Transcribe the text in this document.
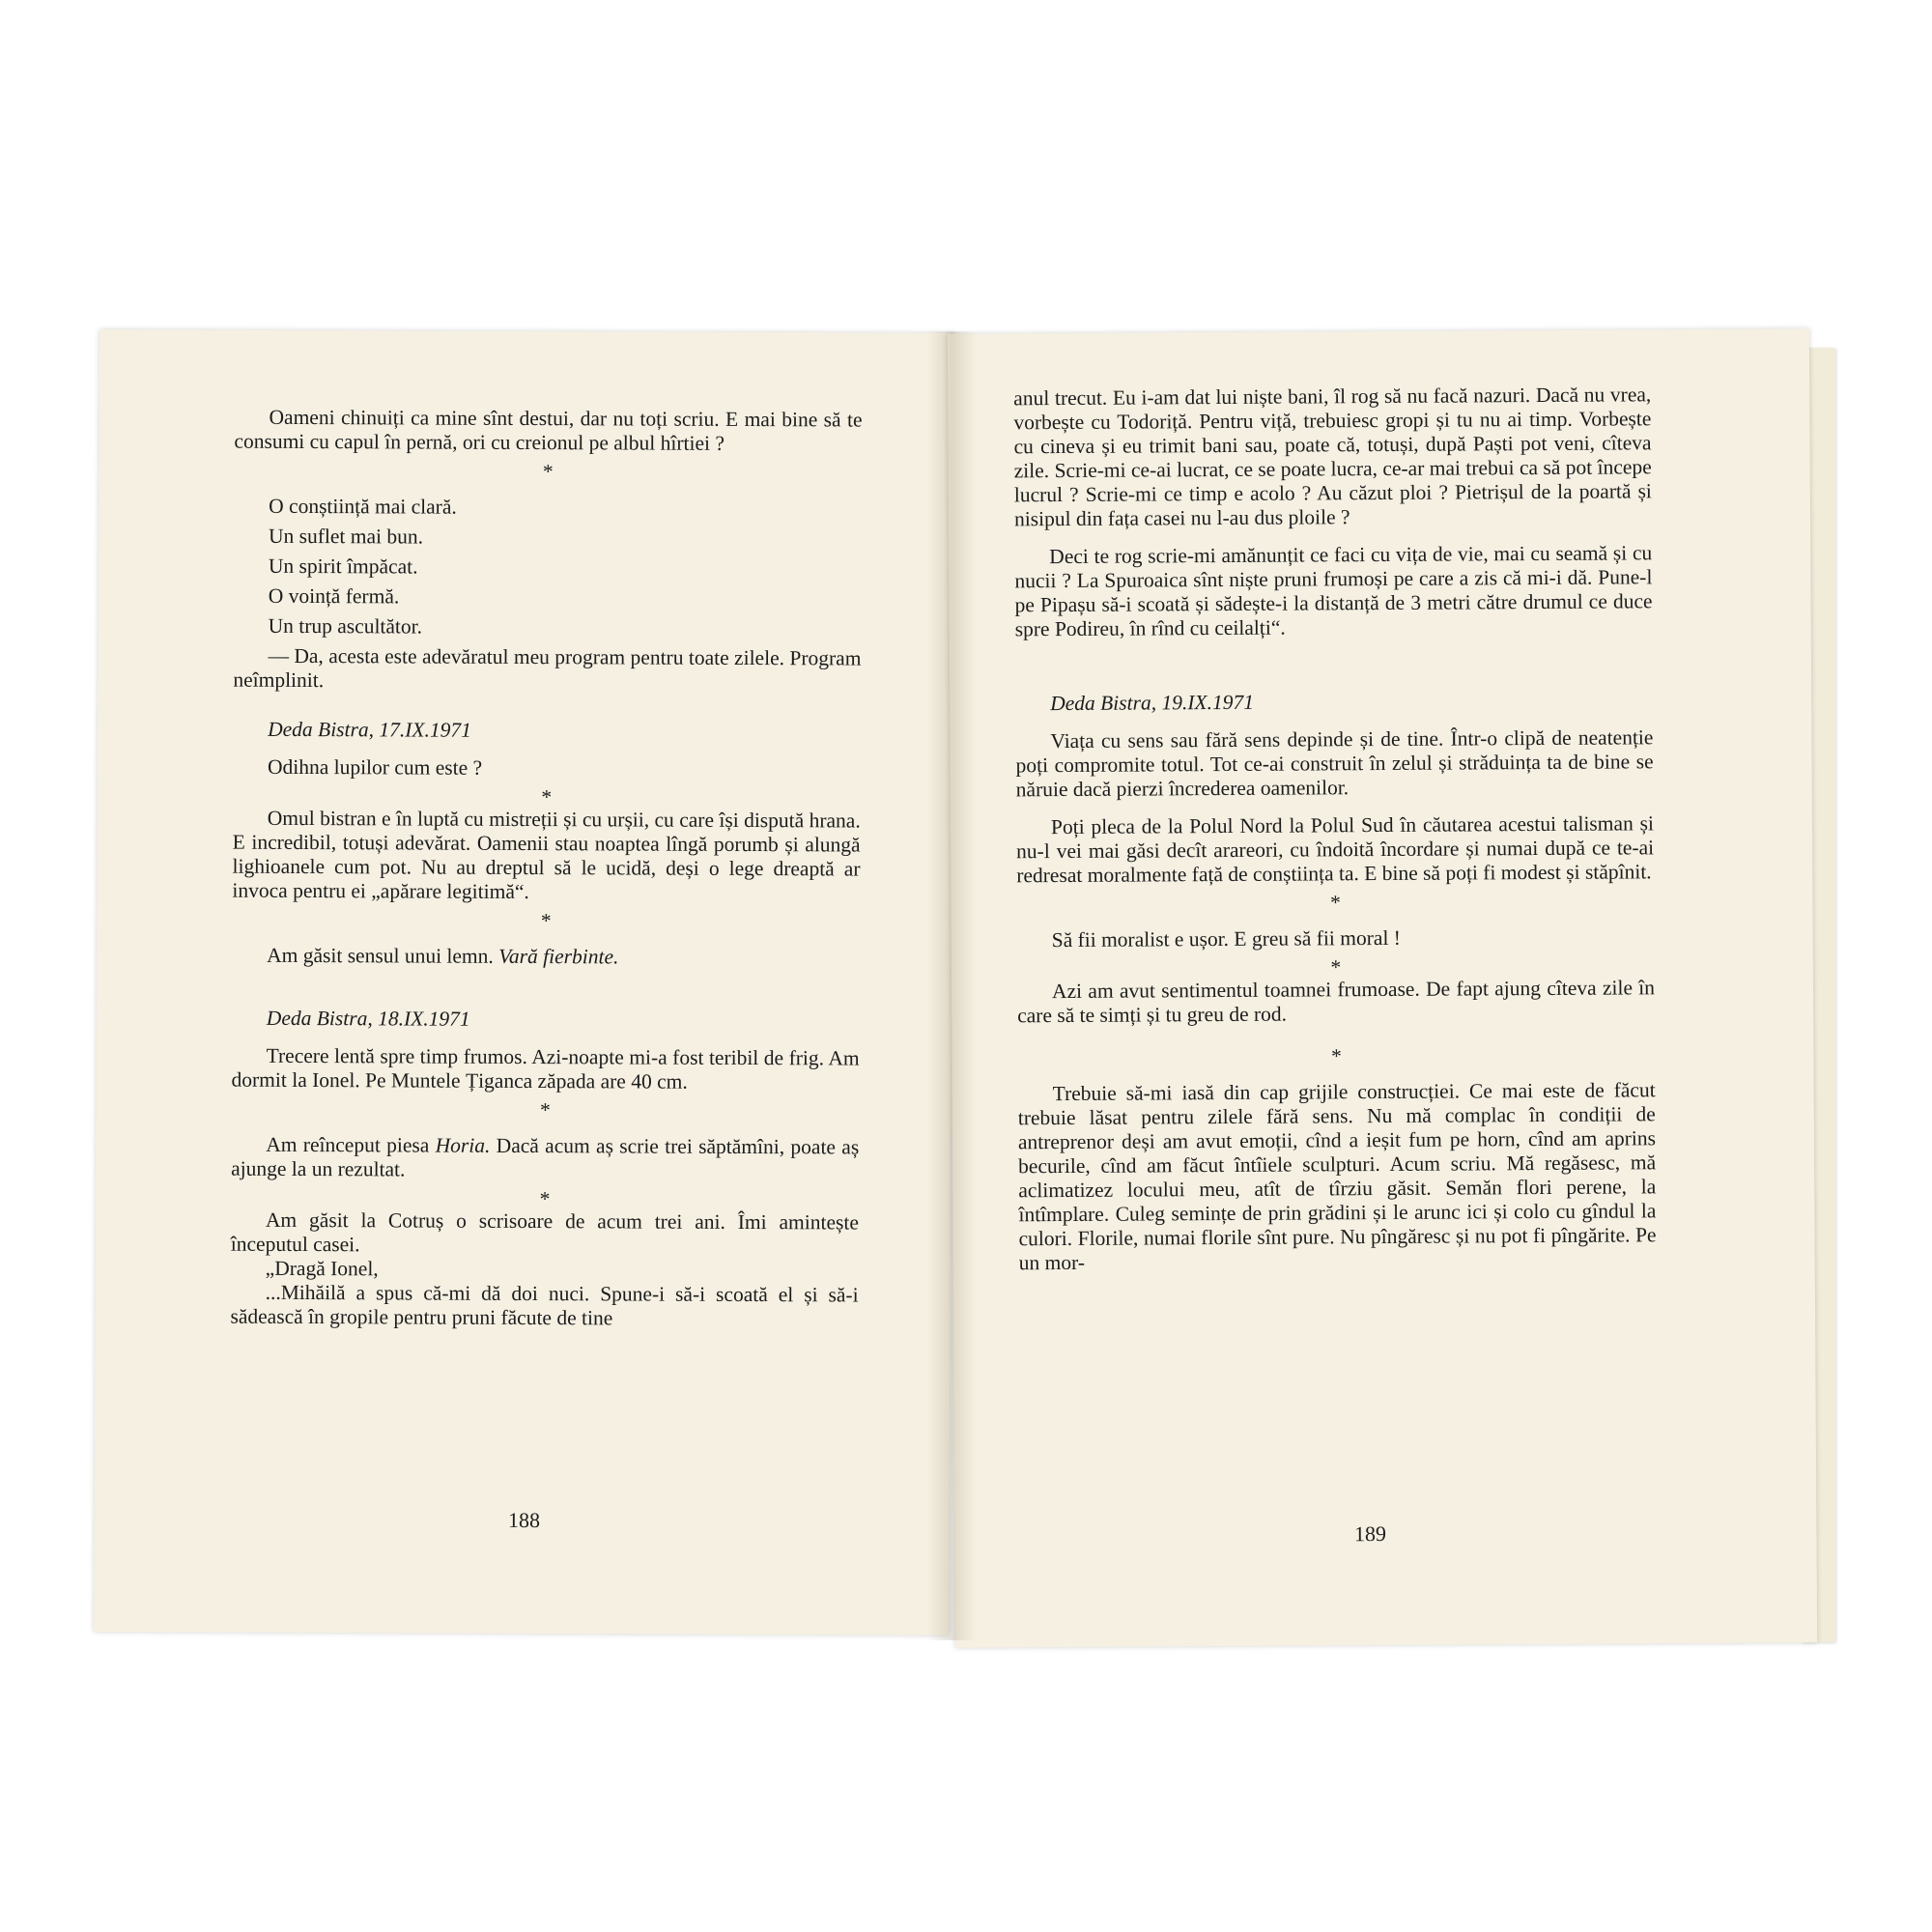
Oameni chinuiți ca mine sînt destui, dar nu toți scriu. E mai bine să te consumi cu capul în pernă, ori cu creionul pe albul hîrtiei ?

*

O conștiință mai clară.

Un suflet mai bun.

Un spirit împăcat.

O voință fermă.

Un trup ascultător.

— Da, acesta este adevăratul meu program pentru toate zilele. Program neîmplinit.

Deda Bistra, 17.IX.1971

Odihna lupilor cum este ?

*

Omul bistran e în luptă cu mistreții și cu urșii, cu care își dispută hrana. E incredibil, totuși adevărat. Oamenii stau noaptea lîngă porumb și alungă lighioanele cum pot. Nu au dreptul să le ucidă, deși o lege dreaptă ar invoca pentru ei „apărare legitimă“.

*

Am găsit sensul unui lemn. Vară fierbinte.

Deda Bistra, 18.IX.1971

Trecere lentă spre timp frumos. Azi-noapte mi-a fost teribil de frig. Am dormit la Ionel. Pe Muntele Țiganca zăpada are 40 cm.

*

Am reînceput piesa Horia. Dacă acum aș scrie trei săptămîni, poate aș ajunge la un rezultat.

*

Am găsit la Cotruș o scrisoare de acum trei ani. Îmi amintește începutul casei.

„Dragă Ionel,

...Mihăilă a spus că-mi dă doi nuci. Spune-i să-i scoată el și să-i sădească în gropile pentru pruni făcute de tine

188

anul trecut. Eu i-am dat lui niște bani, îl rog să nu facă nazuri. Dacă nu vrea, vorbește cu Todoriță. Pentru viță, trebuiesc gropi și tu nu ai timp. Vorbește cu cineva și eu trimit bani sau, poate că, totuși, după Paști pot veni, cîteva zile. Scrie-mi ce-ai lucrat, ce se poate lucra, ce-ar mai trebui ca să pot începe lucrul ? Scrie-mi ce timp e acolo ? Au căzut ploi ? Pietrișul de la poartă și nisipul din fața casei nu l-au dus ploile ?

Deci te rog scrie-mi amănunțit ce faci cu vița de vie, mai cu seamă și cu nucii ? La Spuroaica sînt niște pruni frumoși pe care a zis că mi-i dă. Pune-l pe Pipașu să-i scoată și sădește-i la distanță de 3 metri către drumul ce duce spre Podireu, în rînd cu ceilalți“.

Deda Bistra, 19.IX.1971

Viața cu sens sau fără sens depinde și de tine. Într-o clipă de neatenție poți compromite totul. Tot ce-ai construit în zelul și străduința ta de bine se năruie dacă pierzi încrederea oamenilor.

Poți pleca de la Polul Nord la Polul Sud în căutarea acestui talisman și nu-l vei mai găsi decît arareori, cu îndoită încordare și numai după ce te-ai redresat moralmente față de conștiința ta. E bine să poți fi modest și stăpînit.

*

Să fii moralist e ușor. E greu să fii moral !

*

Azi am avut sentimentul toamnei frumoase. De fapt ajung cîteva zile în care să te simți și tu greu de rod.

*

Trebuie să-mi iasă din cap grijile construcției. Ce mai este de făcut trebuie lăsat pentru zilele fără sens. Nu mă complac în condiții de antreprenor deși am avut emoții, cînd a ieșit fum pe horn, cînd am aprins becurile, cînd am făcut întîiele sculpturi. Acum scriu. Mă regăsesc, mă aclimatizez locului meu, atît de tîrziu găsit. Semăn flori perene, la întîmplare. Culeg semințe de prin grădini și le arunc ici și colo cu gîndul la culori. Florile, numai florile sînt pure. Nu pîngăresc și nu pot fi pîngărite. Pe un mor-

189
